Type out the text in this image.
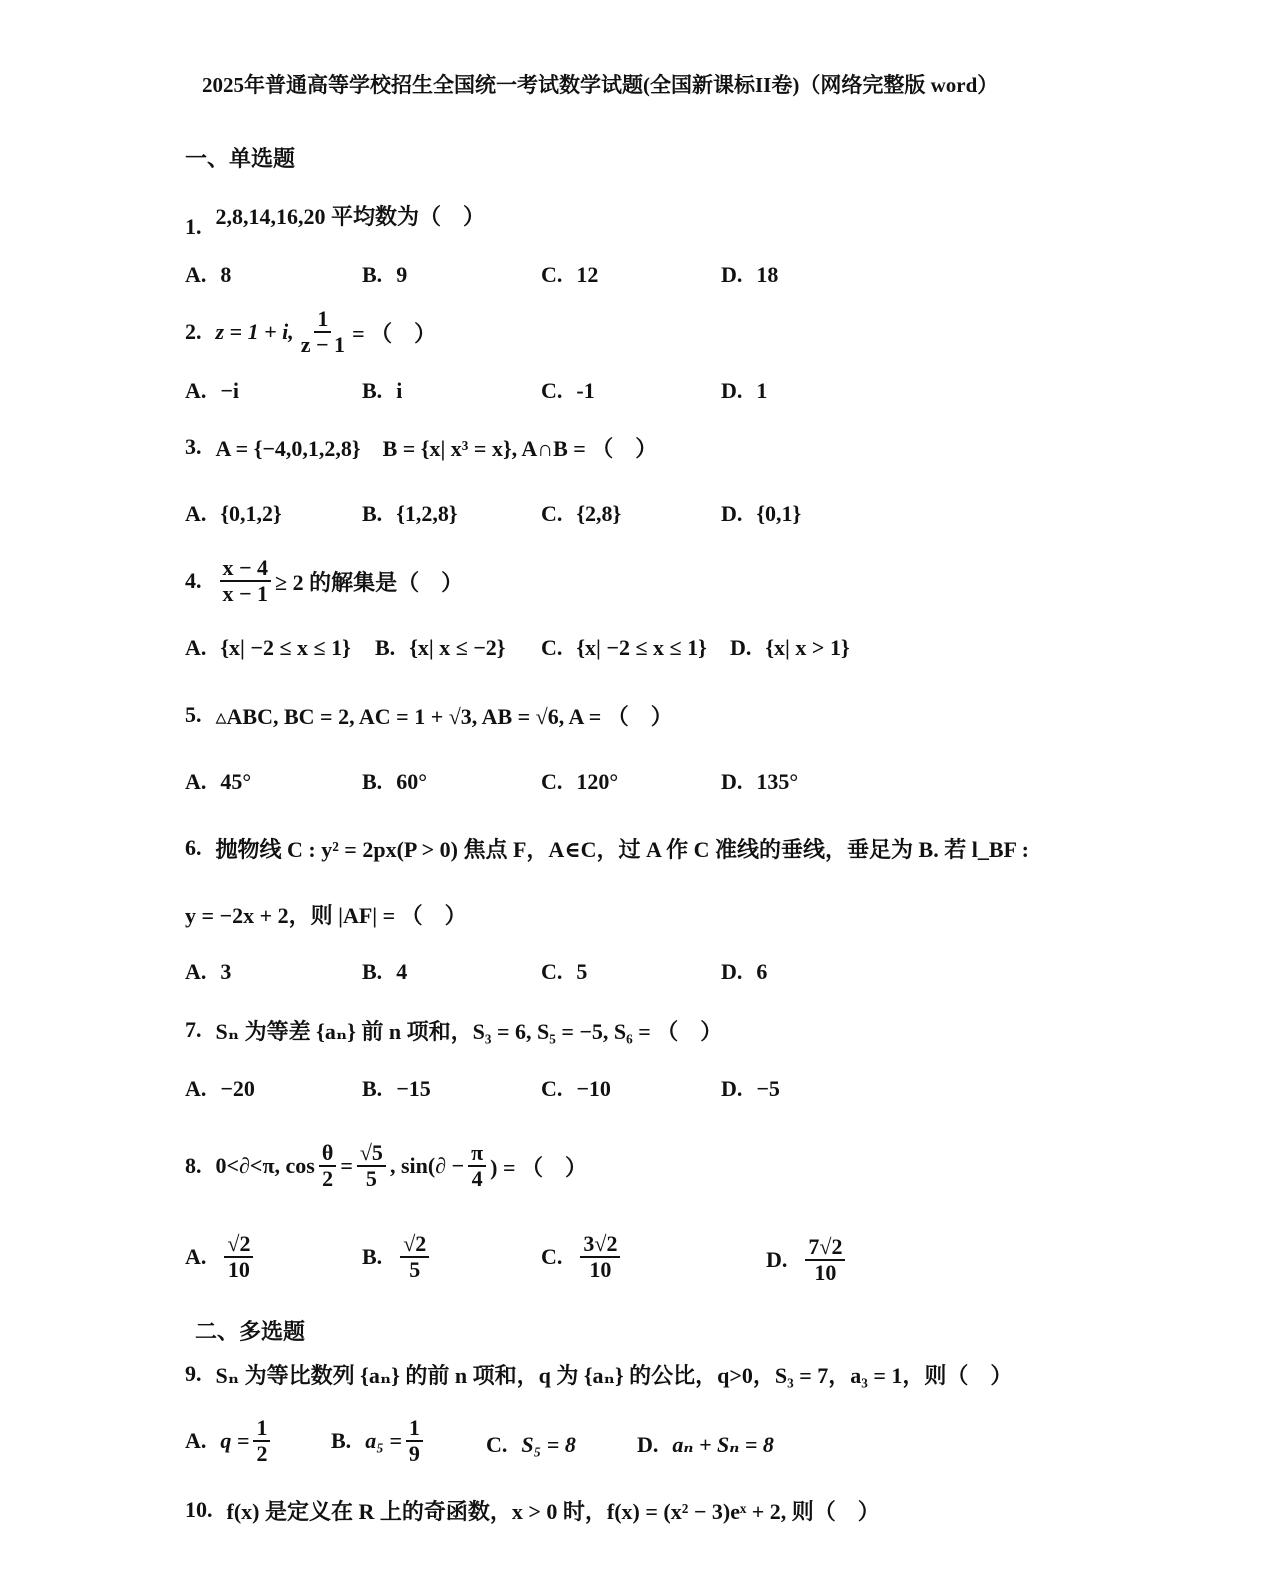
2025年普通高等学校招生全国统一考试数学试题(全国新课标II卷)（网络完整版 word）
一、单选题
1. 2,8,14,16,20 平均数为（　）
A. 8	B. 9	C. 12	D. 18
2. z = 1 + i, $\frac{1}{z - 1}$ = （　）
A. −i	B. i	C. -1	D. 1
3. A = {−4,0,1,2,8}　B = {x| x³ = x}, A∩B = （　）
A. {0,1,2}	B. {1,2,8}	C. {2,8}	D. {0,1}
4. $\frac{x - 4}{x - 1} \ge 2$ 的解集是（　）
A. {x| −2 ≤ x ≤ 1} B. {x| x ≤ −2} C. {x| −2 ≤ x ≤ 1} D. {x| x > 1}
5. ▵ABC, BC = 2, AC = 1 + √3, AB = √6, A = （　）
A. 45°	B. 60°	C. 120°	D. 135°
6. 抛物线 C : y² = 2px(P > 0) 焦点 F，A∈C，过 A 作 C 准线的垂线，垂足为 B. 若 l_BF :
y = −2x + 2，则 |AF| = （　）
A. 3	B. 4	C. 5	D. 6
7. Sₙ 为等差 {aₙ} 前 n 项和，S₃ = 6, S₅ = −5, S₆ = （　）
A. −20	B. −15	C. −10	D. −5
8. 0<∂<π, $\cos \frac{\theta}{2} = \frac{√5}{5}$ , $\sin(\partial - \frac{\pi}{4}$ ) = （　）
A. $\frac{√2}{10}$	B. $\frac{√2}{5}$	C. $\frac{3√2}{10}$	D. $\frac{7√2}{10}$
二、多选题
9. Sₙ 为等比数列 {aₙ} 的前 n 项和，q 为 {aₙ} 的公比，q>0，S₃ = 7，a₃ = 1，则（　）
A. $q = \frac{1}{2}$	B. $a_5 = \frac{1}{9}$	C. S₅ = 8	D. aₙ + Sₙ = 8
10. f(x) 是定义在 R 上的奇函数，x > 0 时，f(x) = (x² − 3)eˣ + 2, 则（　）
